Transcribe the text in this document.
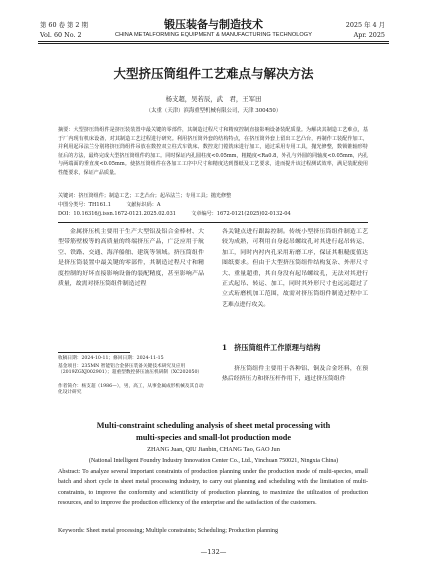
第 60 卷 第 2 期	锻压装备与制造技术	2025 年 4 月
Vol. 60 No. 2	CHINA METALFORMING EQUIPMENT & MANUFACTURING TECHNOLOGY	Apr. 2025
大型挤压筒组件工艺难点与解决方法
杨支超，吴若辰，武　君，王军田
（太重（天津）滨海重型机械有限公司，天津 300450）
摘要：大型挤压筒组件是挤压装装置中最关键的零部件，其制造过程尺寸和精度控制直接影响设备装配质量。为解决其制造工艺难点，基于厂内现有机床设备，对其制造工艺过程进行研究。利用挤压筒外套的结构特点，在挤压筒外套上留出工艺凸台，再制作工装配作加工，并利用起吊法兰分别将挤压筒组件吊放在数控双立柱式车铣床、数控龙门镗铣床进行加工，通过采用专用工具，抛光修整，数锁锥轴形特征后的方法，最终完成大型挤压筒组件的加工。同时保证内孔圆柱度<0.05mm，粗糙度<Ra0.8，外孔与外圆的同轴度<0.05mm，内孔与两端面的垂直度<0.05mm。使挤压筒组件在各加工工序中尺寸和精度达到图纸及工艺要求，进而提升该过程测试效率，满足装配使用性能要求，保证产品质量。
关键词：挤压筒组件；制造工艺；工艺凸台；起吊法兰；专用工具；抛光修整
中图分类号：TH161.1　　　文献标识码：A
DOI：10.16316/j.issn.1672-0121.2025.02.031　　　文章编号：1672-0121(2025)02-0132-04
金属挤压机主要用于生产大型铝及铝合金棒材、大型带筋壁板等的高质量的终端挤压产品，广泛应用于航空、铁路、交通、海洋船舶、建筑等领域。挤压筒组件是挤压筒装置中最关键的零部件，其制造过程尺寸和精度控制的好坏直接影响设备的装配精度，甚至影响产品质量，故需对挤压筒组件制造过程
各关键点进行跟踪控制。传统小型挤压筒组件制造工艺较为成熟，可利用自身起吊螺纹孔对其进行起吊转运、加工，同时内衬内孔采用珩磨工序，保证其粗糙度值达图纸要求。但由于大型挤压筒组件结构复杂、外形尺寸大、重量超重，其自身没有起吊螺纹孔，无法对其进行正式起吊、转运、加工，同时其外形尺寸也远远超过了立式珩磨机加工范围，故需对挤压筒组件制造过程中工艺难点进行攻关。
1　挤压筒组件工作原理与结构
挤压筒组件主要用于各种铝、铜及合金坯料，在预热后经挤压力和挤压杆作用下，通过挤压筒组件
收稿日期：2024-10-11；修回日期：2024-11-15
基金项目：235MN 智能铝合金挤压装备关键技术研究及应用（2019ZGXJ002901）；超重型数控挤压油压机研制（XC202050）
作者简介：杨支超（1986—），男，高工，从事金属成形机械及其自动化设计研究
Multi-constraint scheduling analysis of sheet metal processing with
multi-species and small-lot production mode
ZHANG Juan, QIU Jianbin, CHANG Tao, GAO Jun
(National Intelligent Foundry Industry Innovation Center Co., Ltd., Yinchuan 750021, Ningxia China)
Abstract: To analyze several important constraints of production planning under the production mode of multi-species, small batch and short cycle in sheet metal processing industry, to carry out planning and scheduling with the limitation of multi-constraints, to improve the conformity and scientificity of production planning, to maximize the utilization of production resources, and to improve the production efficiency of the enterprise and the satisfaction of the customers.
Keywords: Sheet metal processing; Multiple constraints; Scheduling; Production planning
—132—
